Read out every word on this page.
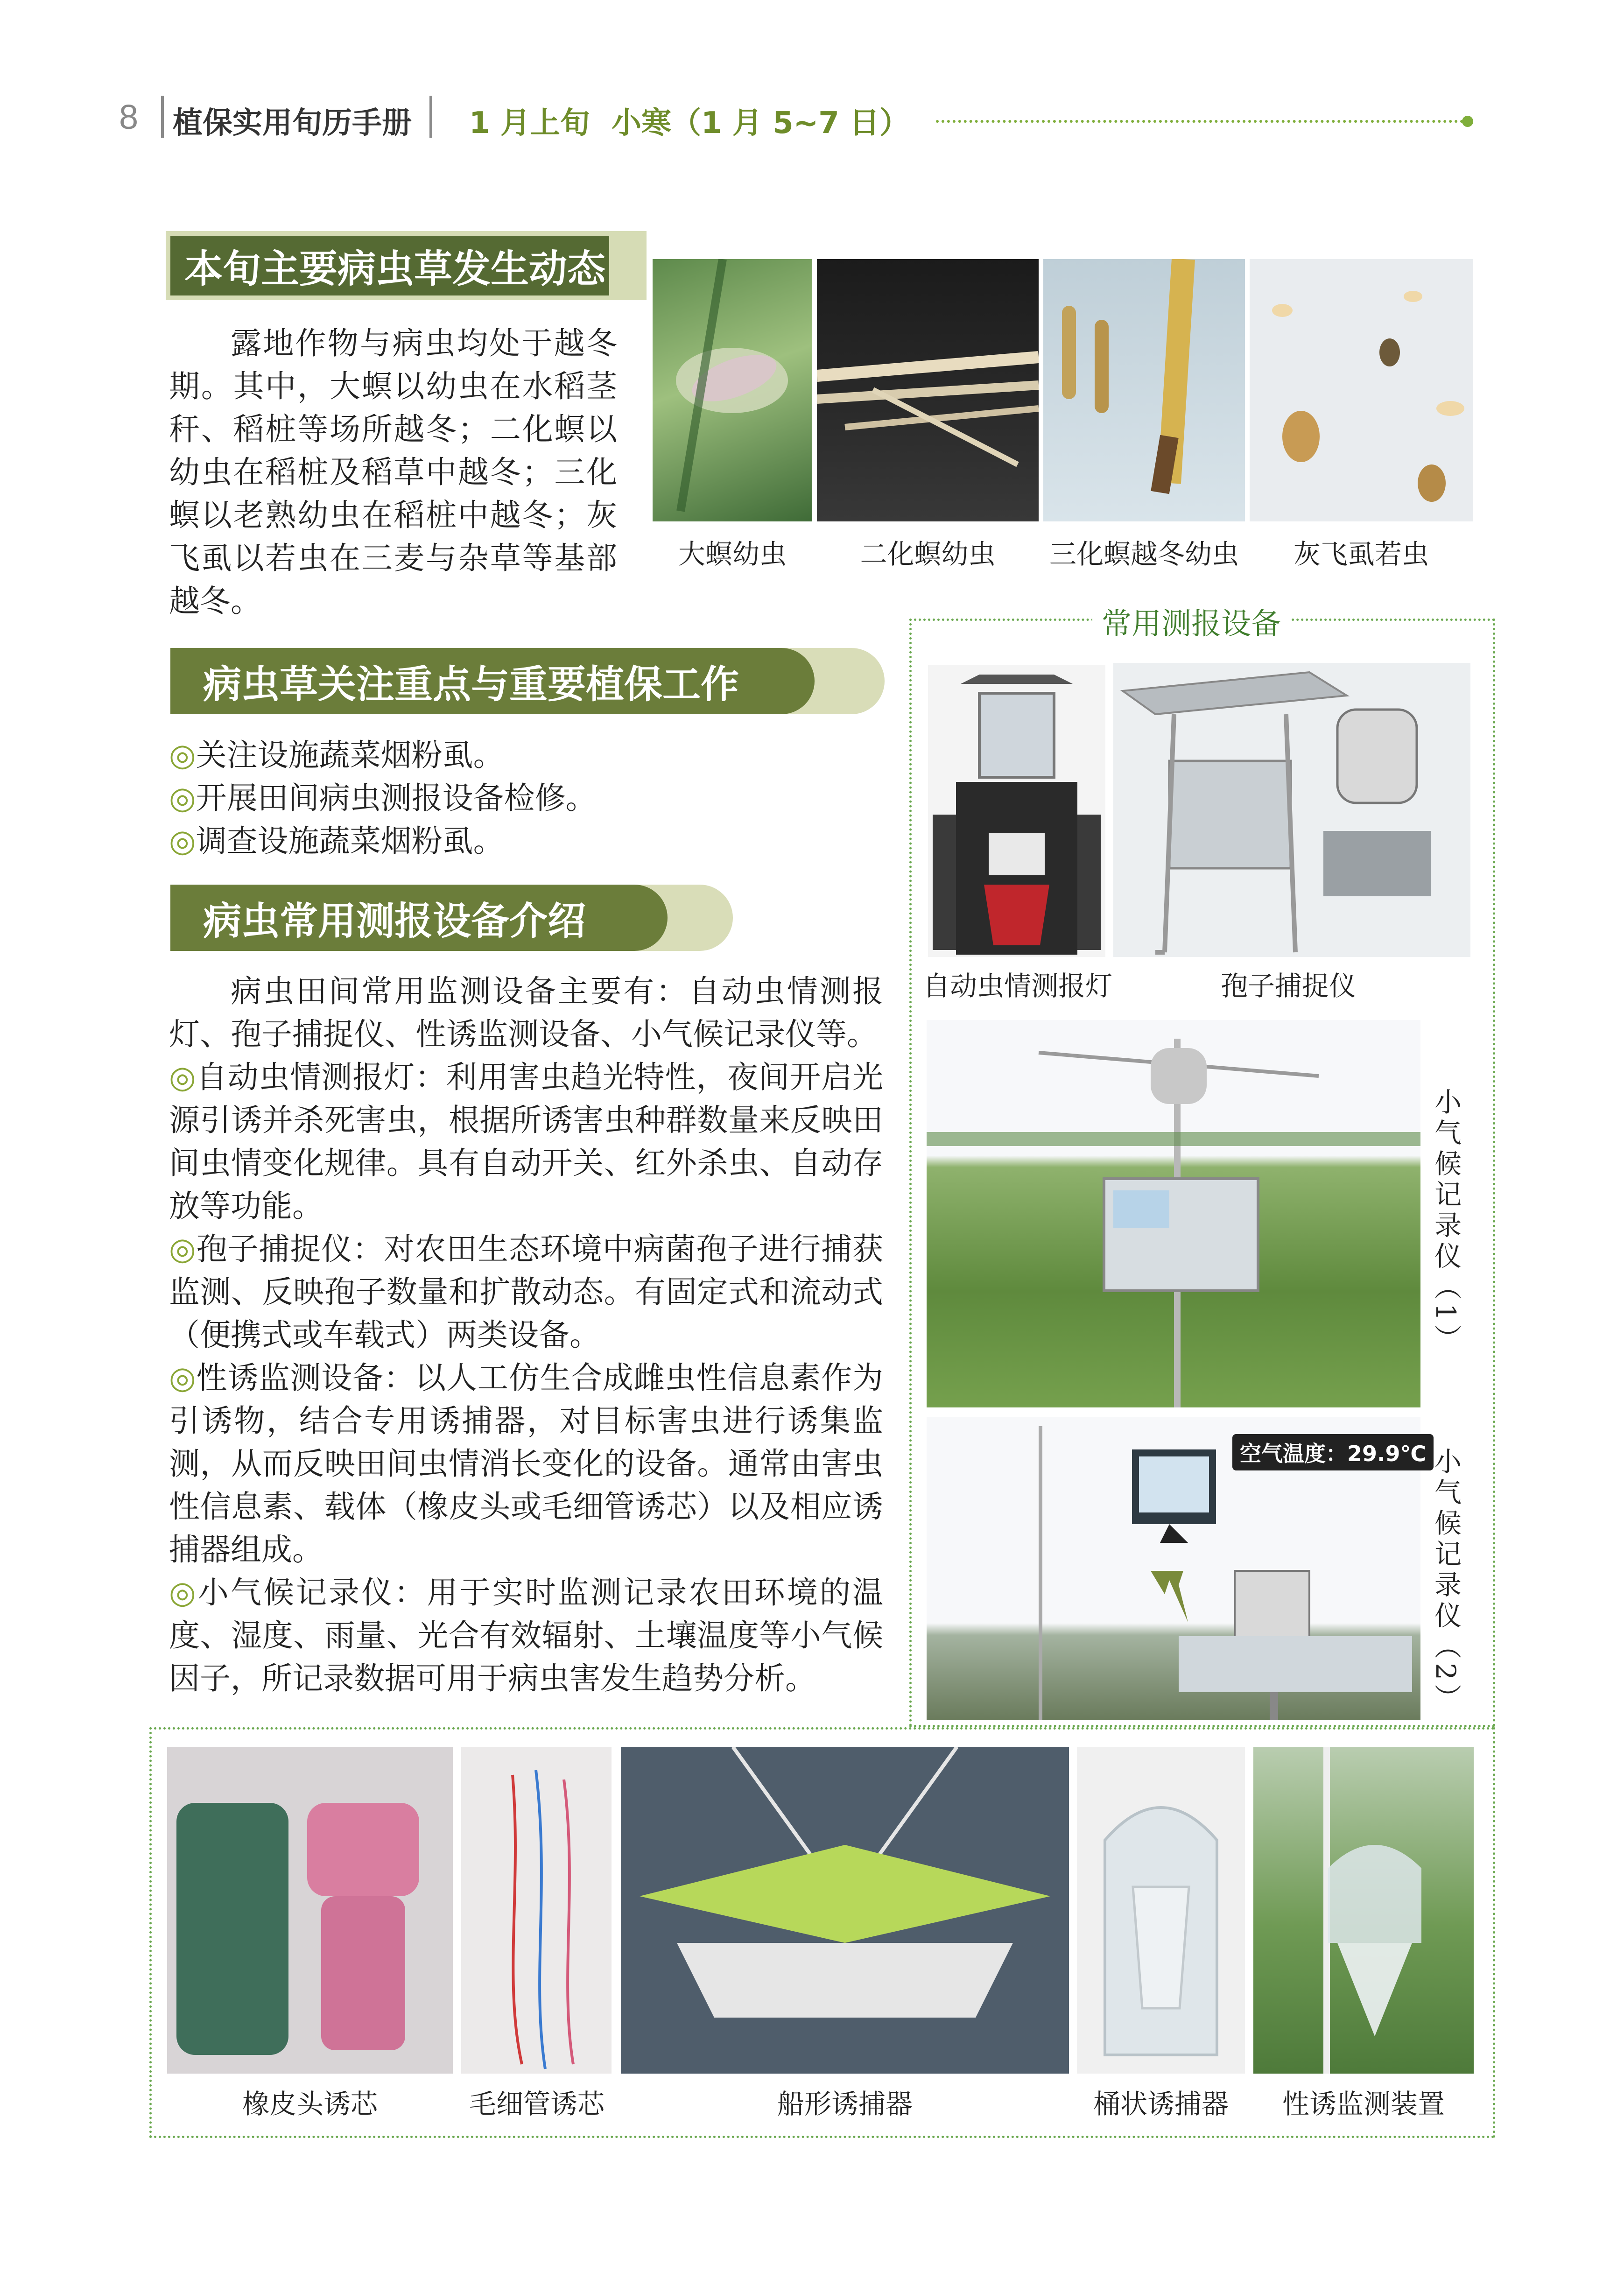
8 植保实用旬历手册 1 月上旬 小寒（1 月 5~7 日）
本旬主要病虫草发生动态

露地作物与病虫均处于越冬期。其中，大螟以幼虫在水稻茎秆、稻桩等场所越冬；二化螟以幼虫在稻桩及稻草中越冬；三化螟以老熟幼虫在稻桩中越冬；灰飞虱以若虫在三麦与杂草等基部越冬。

大螟幼虫	二化螟幼虫	三化螟越冬幼虫	灰飞虱若虫
病虫草关注重点与重要植保工作

◎关注设施蔬菜烟粉虱。

◎开展田间病虫测报设备检修。

◎调查设施蔬菜烟粉虱。

病虫常用测报设备介绍

病虫田间常用监测设备主要有：自动虫情测报灯、孢子捕捉仪、性诱监测设备、小气候记录仪等。

◎自动虫情测报灯：利用害虫趋光特性，夜间开启光源引诱并杀死害虫，根据所诱害虫种群数量来反映田间虫情变化规律。具有自动开关、红外杀虫、自动存放等功能。

◎孢子捕捉仪：对农田生态环境中病菌孢子进行捕获监测、反映孢子数量和扩散动态。有固定式和流动式（便携式或车载式）两类设备。

◎性诱监测设备：以人工仿生合成雌虫性信息素作为引诱物，结合专用诱捕器，对目标害虫进行诱集监测，从而反映田间虫情消长变化的设备。通常由害虫性信息素、载体（橡皮头或毛细管诱芯）以及相应诱捕器组成。

◎小气候记录仪：用于实时监测记录农田环境的温度、湿度、雨量、光合有效辐射、土壤温度等小气候因子，所记录数据可用于病虫害发生趋势分析。

常用测报设备
自动虫情测报灯	孢子捕捉仪
小气候记录仪（1）
空气温度：29.9℃ 小气候记录仪（2）
橡皮头诱芯	毛细管诱芯	船形诱捕器	桶状诱捕器	性诱监测装置
